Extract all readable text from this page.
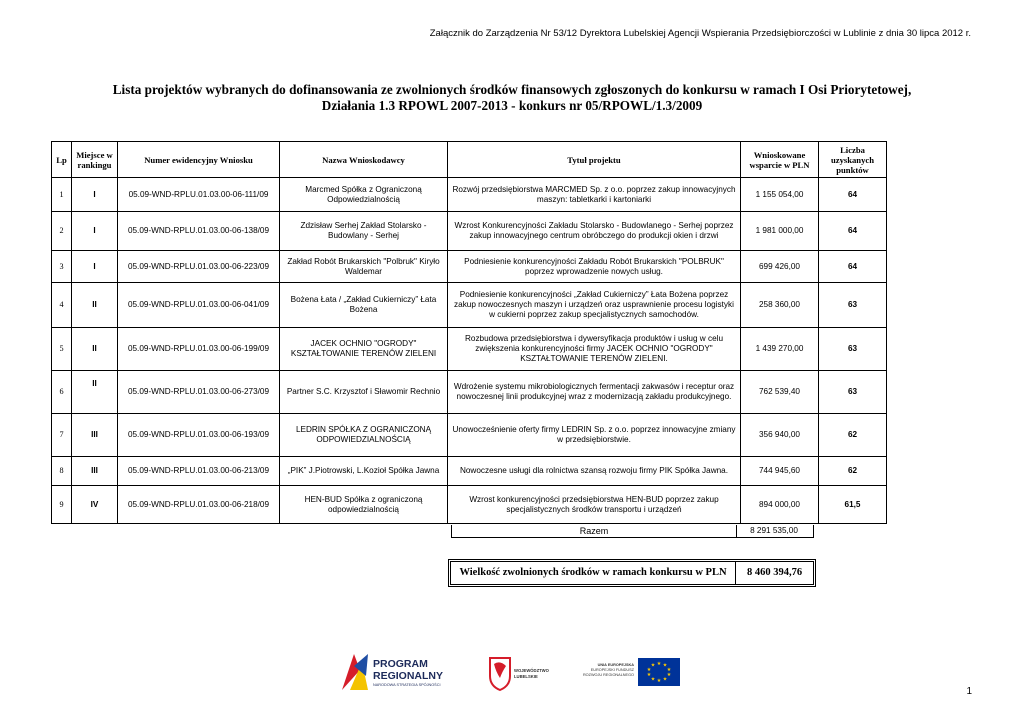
Załącznik do Zarządzenia Nr 53/12 Dyrektora Lubelskiej Agencji Wspierania Przedsiębiorczości w Lublinie z dnia 30 lipca 2012 r.
Lista projektów wybranych do dofinansowania ze zwolnionych środków finansowych zgłoszonych do konkursu w ramach I Osi Priorytetowej,
Działania 1.3 RPOWL 2007-2013 - konkurs nr 05/RPOWL/1.3/2009
Lp	Miejsce w rankingu	Numer ewidencyjny Wniosku	Nazwa Wnioskodawcy	Tytuł projektu	Wnioskowane wsparcie w PLN	Liczba uzyskanych punktów
1	I	05.09-WND-RPLU.01.03.00-06-111/09	Marcmed Spółka z Ograniczoną Odpowiedzialnością	Rozwój przedsiębiorstwa MARCMED Sp. z o.o. poprzez zakup innowacyjnych maszyn: tabletkarki i kartoniarki	1 155 054,00	64
2	I	05.09-WND-RPLU.01.03.00-06-138/09	Zdzisław Serhej Zakład Stolarsko - Budowlany - Serhej	Wzrost Konkurencyjności Zakładu Stolarsko - Budowlanego - Serhej poprzez zakup innowacyjnego centrum obróbczego do produkcji okien i drzwi	1 981 000,00	64
3	I	05.09-WND-RPLU.01.03.00-06-223/09	Zakład Robót Brukarskich "Polbruk" Kiryło Waldemar	Podniesienie konkurencyjności Zakładu Robót Brukarskich "POLBRUK" poprzez wprowadzenie nowych usług.	699 426,00	64
4	II	05.09-WND-RPLU.01.03.00-06-041/09	Bożena Łata / „Zakład Cukierniczy” Łata Bożena	Podniesienie konkurencyjności „Zakład Cukierniczy” Łata Bożena poprzez zakup nowoczesnych maszyn i urządzeń oraz usprawnienie procesu logistyki w cukierni poprzez zakup specjalistycznych samochodów.	258 360,00	63
5	II	05.09-WND-RPLU.01.03.00-06-199/09	JACEK OCHNIO "OGRODY" KSZTAŁTOWANIE TERENÓW ZIELENI	Rozbudowa przedsiębiorstwa i dywersyfikacja produktów i usług w celu zwiększenia konkurencyjności firmy JACEK OCHNIO "OGRODY" KSZTAŁTOWANIE TERENÓW ZIELENI.	1 439 270,00	63
6	II	05.09-WND-RPLU.01.03.00-06-273/09	Partner S.C. Krzysztof i Sławomir Rechnio	Wdrożenie systemu mikrobiologicznych fermentacji zakwasów i receptur oraz nowoczesnej linii produkcyjnej wraz z modernizacją zakładu produkcyjnego.	762 539,40	63
7	III	05.09-WND-RPLU.01.03.00-06-193/09	LEDRIN SPÓŁKA Z OGRANICZONĄ ODPOWIEDZIALNOŚCIĄ	Unowocześnienie oferty firmy LEDRIN Sp. z o.o. poprzez innowacyjne zmiany w przedsiębiorstwie.	356 940,00	62
8	III	05.09-WND-RPLU.01.03.00-06-213/09	„PIK” J.Piotrowski, L.Kozioł Spółka Jawna	Nowoczesne usługi dla rolnictwa szansą rozwoju firmy PIK Spółka Jawna.	744 945,60	62
9	IV	05.09-WND-RPLU.01.03.00-06-218/09	HEN-BUD Spółka z ograniczoną odpowiedzialnością	Wzrost konkurencyjności przedsiębiorstwa HEN-BUD poprzez zakup specjalistycznych środków transportu i urządzeń	894 000,00	61,5
Razem	8 291 535,00
Wielkość zwolnionych środków w ramach konkursu w PLN	8 460 394,76
PROGRAM
REGIONALNY
NARODOWA STRATEGIA SPÓJNOŚCI
WOJEWÓDZTWO
LUBELSKIE
UNIA EUROPEJSKA
EUROPEJSKI FUNDUSZ
ROZWOJU REGIONALNEGO
★ ★
★
★
★
★
★
★
★
★
1
